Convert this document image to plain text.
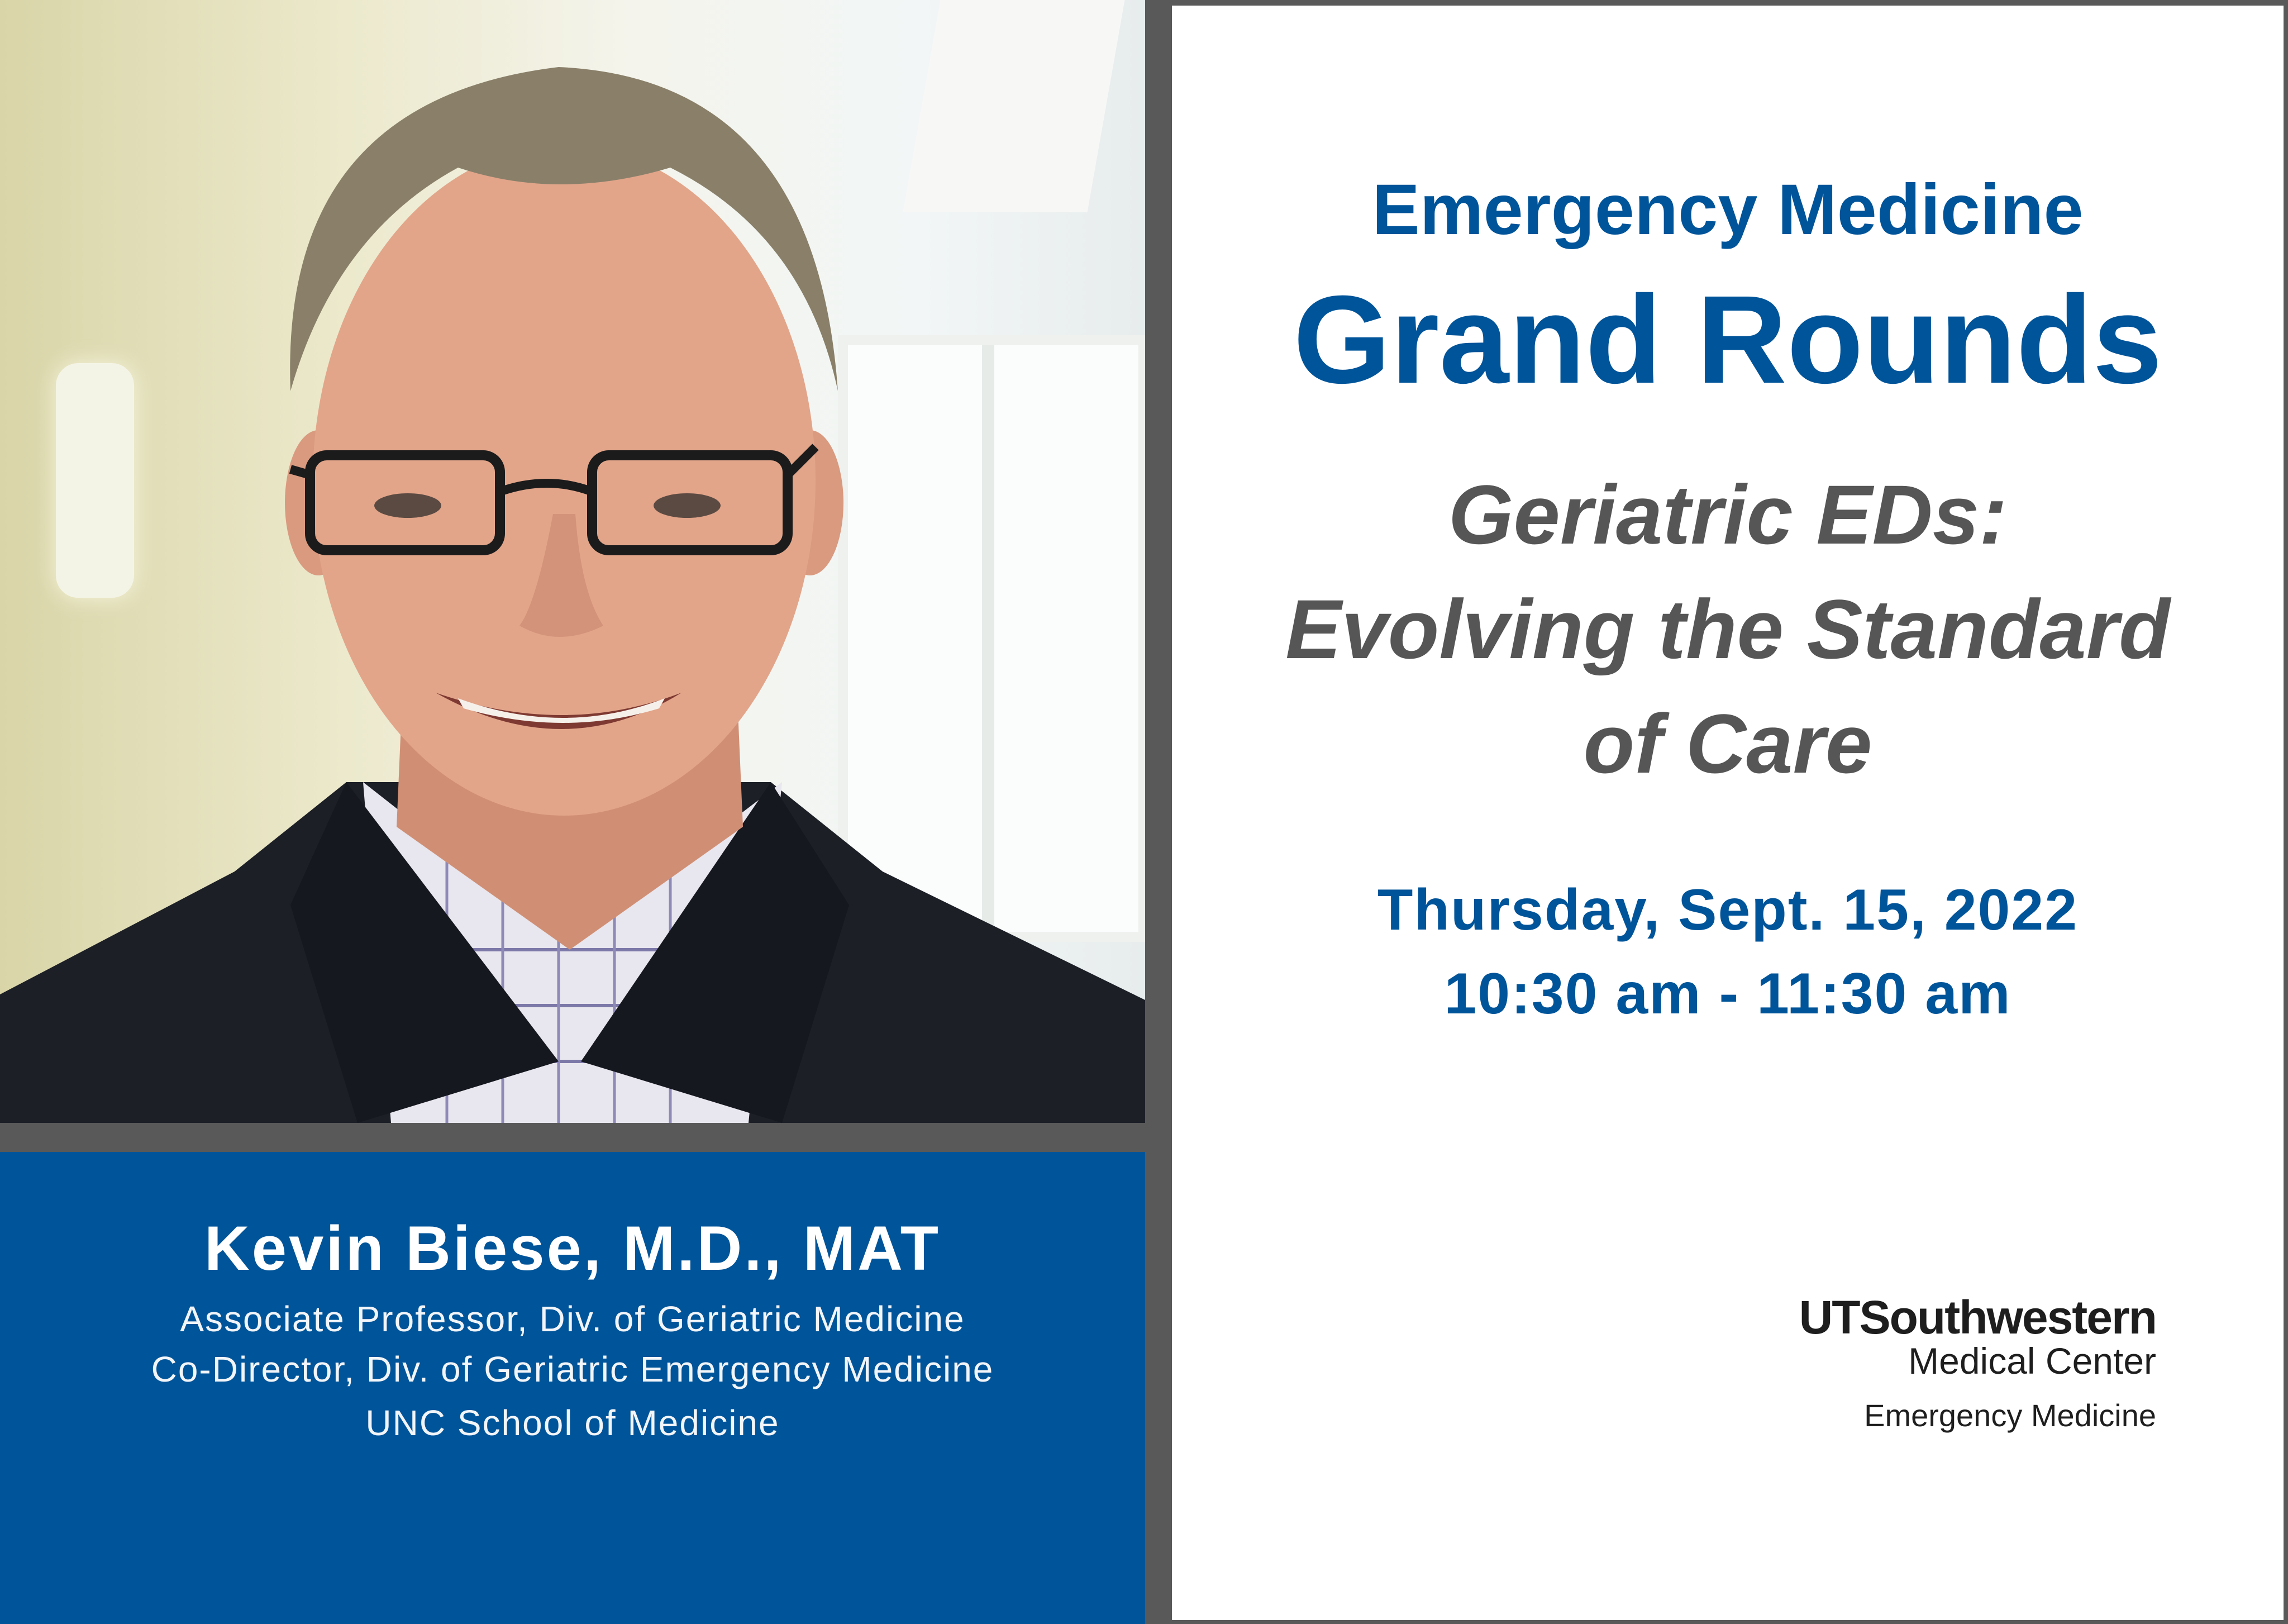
Kevin Biese, M.D., MAT
Associate Professor, Div. of Geriatric Medicine
Co-Director, Div. of Geriatric Emergency Medicine
UNC School of Medicine
Emergency Medicine
Grand Rounds
Geriatric EDs:
Evolving the Standard
of Care
Thursday, Sept. 15, 2022
10:30 am - 11:30 am
UTSouthwestern
Medical Center
Emergency Medicine
